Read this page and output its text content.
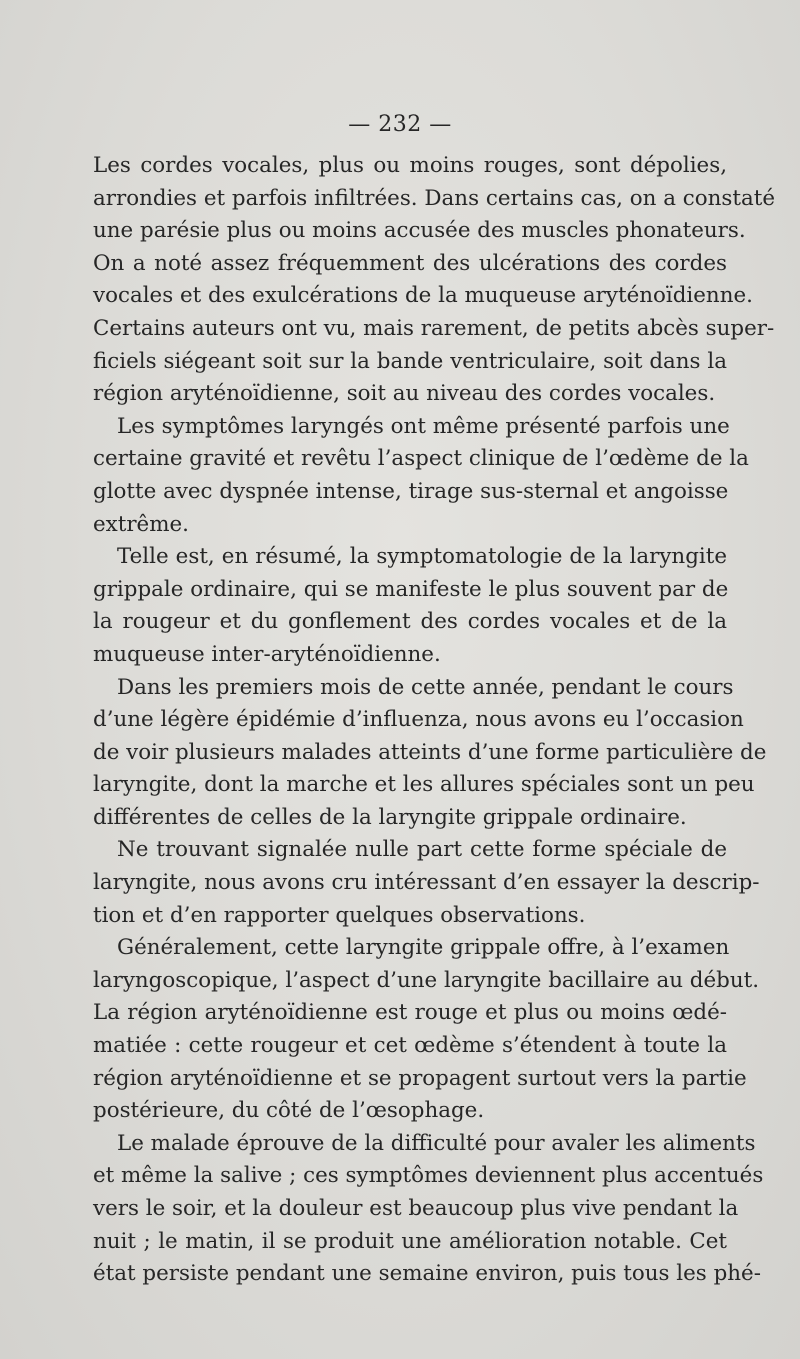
— 232 —
Les cordes vocales, plus ou moins rouges, sont dépolies,
arrondies et parfois infiltrées. Dans certains cas, on a constaté
une parésie plus ou moins accusée des muscles phonateurs.
On a noté assez fréquemment des ulcérations des cordes
vocales et des exulcérations de la muqueuse aryténoïdienne.
Certains auteurs ont vu, mais rarement, de petits abcès super-
ficiels siégeant soit sur la bande ventriculaire, soit dans la
région aryténoïdienne, soit au niveau des cordes vocales.
Les symptômes laryngés ont même présenté parfois une
certaine gravité et revêtu l’aspect clinique de l’œdème de la
glotte avec dyspnée intense, tirage sus-sternal et angoisse
extrême.
Telle est, en résumé, la symptomatologie de la laryngite
grippale ordinaire, qui se manifeste le plus souvent par de
la rougeur et du gonflement des cordes vocales et de la
muqueuse inter-aryténoïdienne.
Dans les premiers mois de cette année, pendant le cours
d’une légère épidémie d’influenza, nous avons eu l’occasion
de voir plusieurs malades atteints d’une forme particulière de
laryngite, dont la marche et les allures spéciales sont un peu
différentes de celles de la laryngite grippale ordinaire.
Ne trouvant signalée nulle part cette forme spéciale de
laryngite, nous avons cru intéressant d’en essayer la descrip-
tion et d’en rapporter quelques observations.
Généralement, cette laryngite grippale offre, à l’examen
laryngoscopique, l’aspect d’une laryngite bacillaire au début.
La région aryténoïdienne est rouge et plus ou moins œdé-
matiée : cette rougeur et cet œdème s’étendent à toute la
région aryténoïdienne et se propagent surtout vers la partie
postérieure, du côté de l’œsophage.
Le malade éprouve de la difficulté pour avaler les aliments
et même la salive ; ces symptômes deviennent plus accentués
vers le soir, et la douleur est beaucoup plus vive pendant la
nuit ; le matin, il se produit une amélioration notable. Cet
état persiste pendant une semaine environ, puis tous les phé-
